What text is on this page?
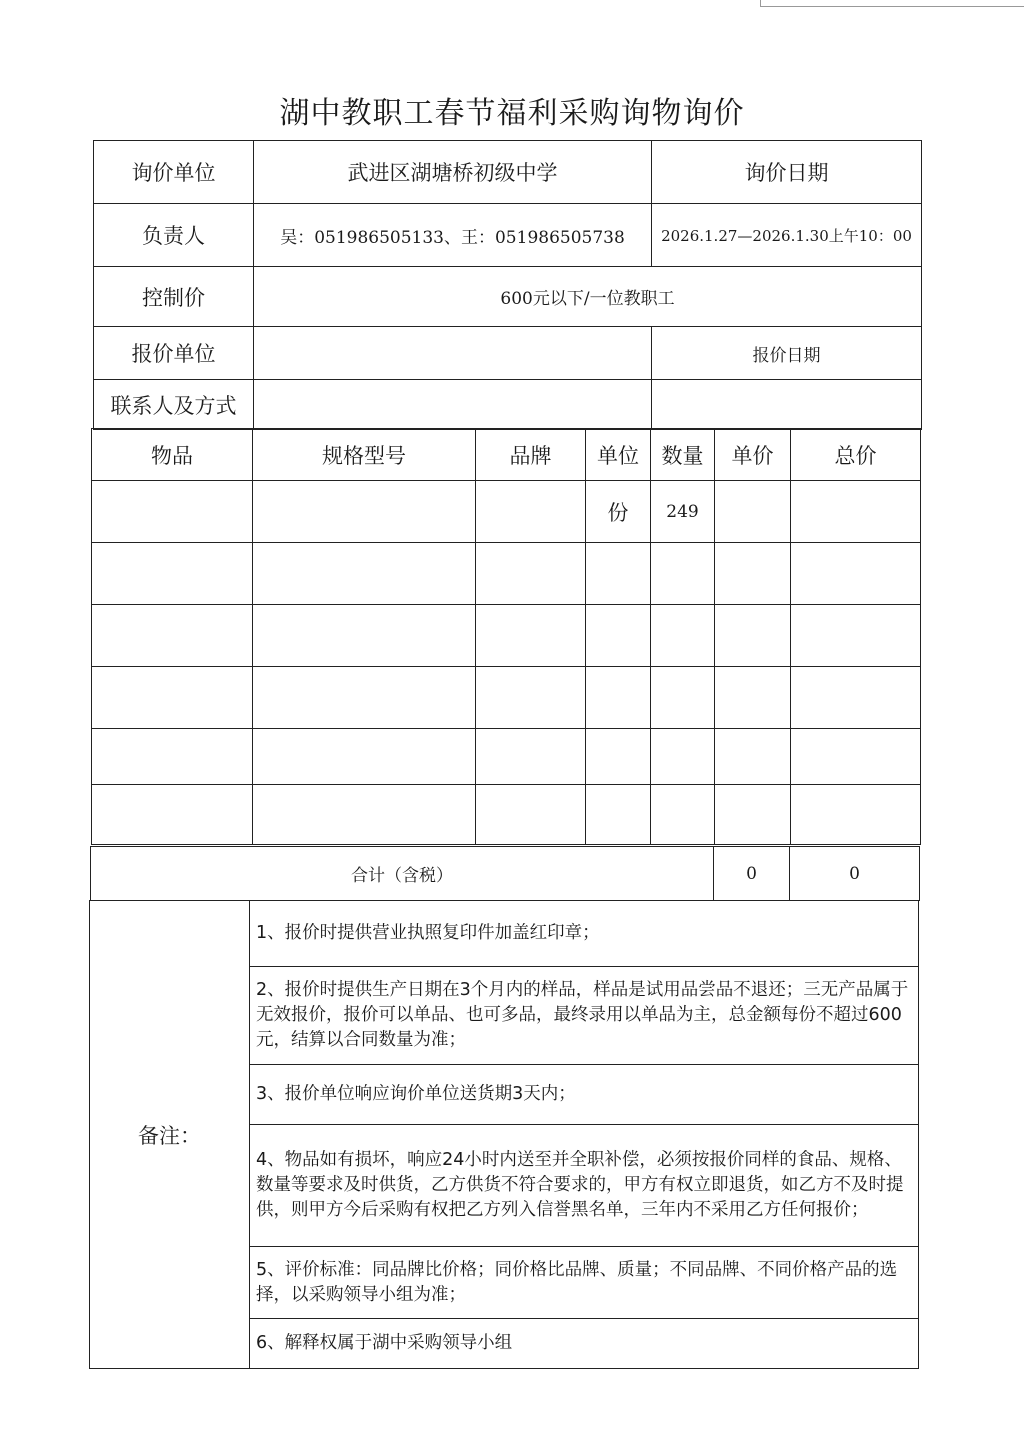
湖中教职工春节福利采购询物询价
询价单位	武进区湖塘桥初级中学	询价日期
负责人	吴：051986505133、王：051986505738	2026.1.27—2026.1.30上午10：00
控制价	600元以下/一位教职工	
报价单位		报价日期
联系人及方式		
物品	规格型号	品牌	单位	数量	单价	总价
			份	249		

合计（含税）	0	0
备注：	1、报价时提供营业执照复印件加盖红印章；
2、报价时提供生产日期在3个月内的样品，样品是试用品尝品不退还；三无产品属于无效报价，报价可以单品、也可多品，最终录用以单品为主，总金额每份不超过600元，结算以合同数量为准；
3、报价单位响应询价单位送货期3天内；
4、物品如有损坏，响应24小时内送至并全职补偿，必须按报价同样的食品、规格、数量等要求及时供货，乙方供货不符合要求的，甲方有权立即退货，如乙方不及时提供，则甲方今后采购有权把乙方列入信誉黑名单，三年内不采用乙方任何报价；
5、评价标准：同品牌比价格；同价格比品牌、质量；不同品牌、不同价格产品的选择，以采购领导小组为准；
6、解释权属于湖中采购领导小组
